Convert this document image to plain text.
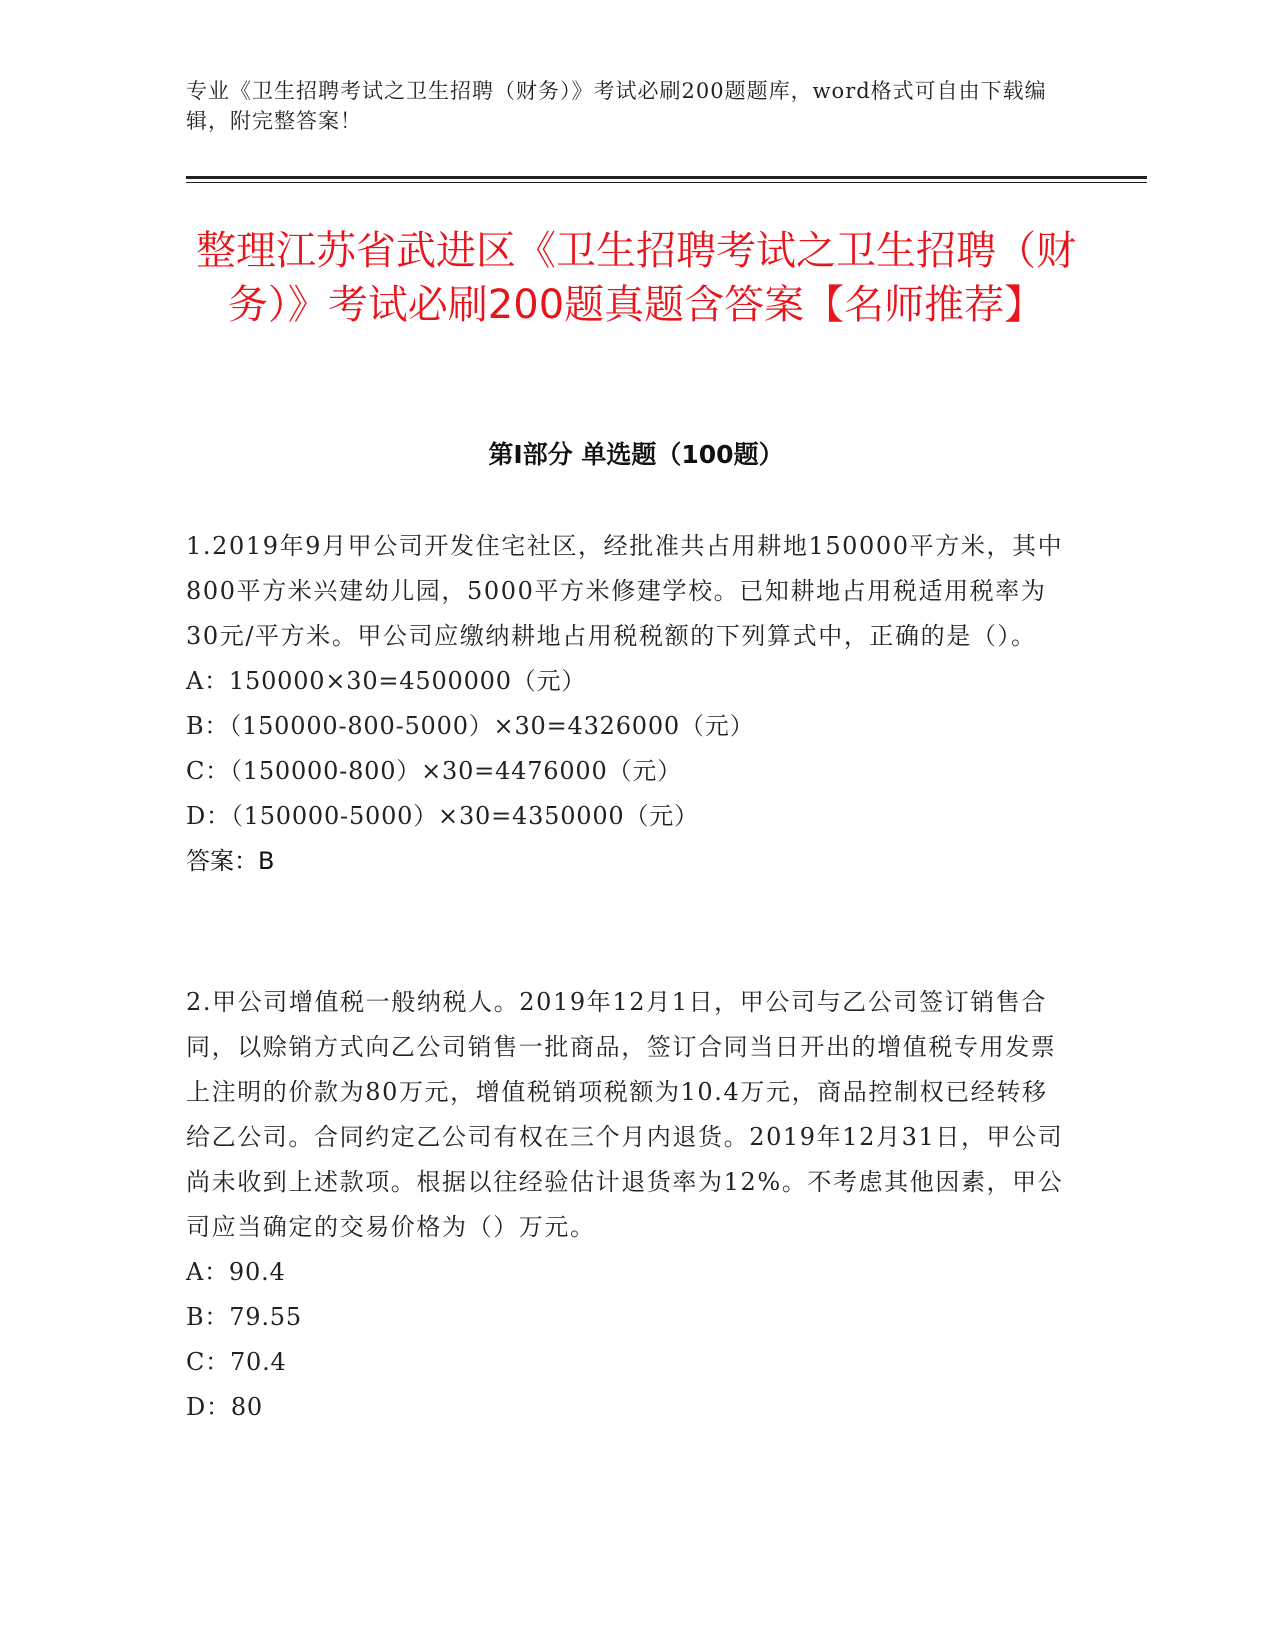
专业《卫生招聘考试之卫生招聘（财务）》考试必刷200题题库，word格式可自由下载编辑，附完整答案！
整理江苏省武进区《卫生招聘考试之卫生招聘（财务）》考试必刷200题真题含答案【名师推荐】
第I部分 单选题（100题）

1.2019年9月甲公司开发住宅社区，经批准共占用耕地150000平方米，其中800平方米兴建幼儿园，5000平方米修建学校。已知耕地占用税适用税率为30元/平方米。甲公司应缴纳耕地占用税税额的下列算式中，正确的是（）。

A：150000×30=4500000（元）

B：（150000-800-5000）×30=4326000（元）

C：（150000-800）×30=4476000（元）

D：（150000-5000）×30=4350000（元）

答案：B

2.甲公司增值税一般纳税人。2019年12月1日，甲公司与乙公司签订销售合同，以赊销方式向乙公司销售一批商品，签订合同当日开出的增值税专用发票上注明的价款为80万元，增值税销项税额为10.4万元，商品控制权已经转移给乙公司。合同约定乙公司有权在三个月内退货。2019年12月31日，甲公司尚未收到上述款项。根据以往经验估计退货率为12%。不考虑其他因素，甲公司应当确定的交易价格为（）万元。

A：90.4

B：79.55

C：70.4

D：80
